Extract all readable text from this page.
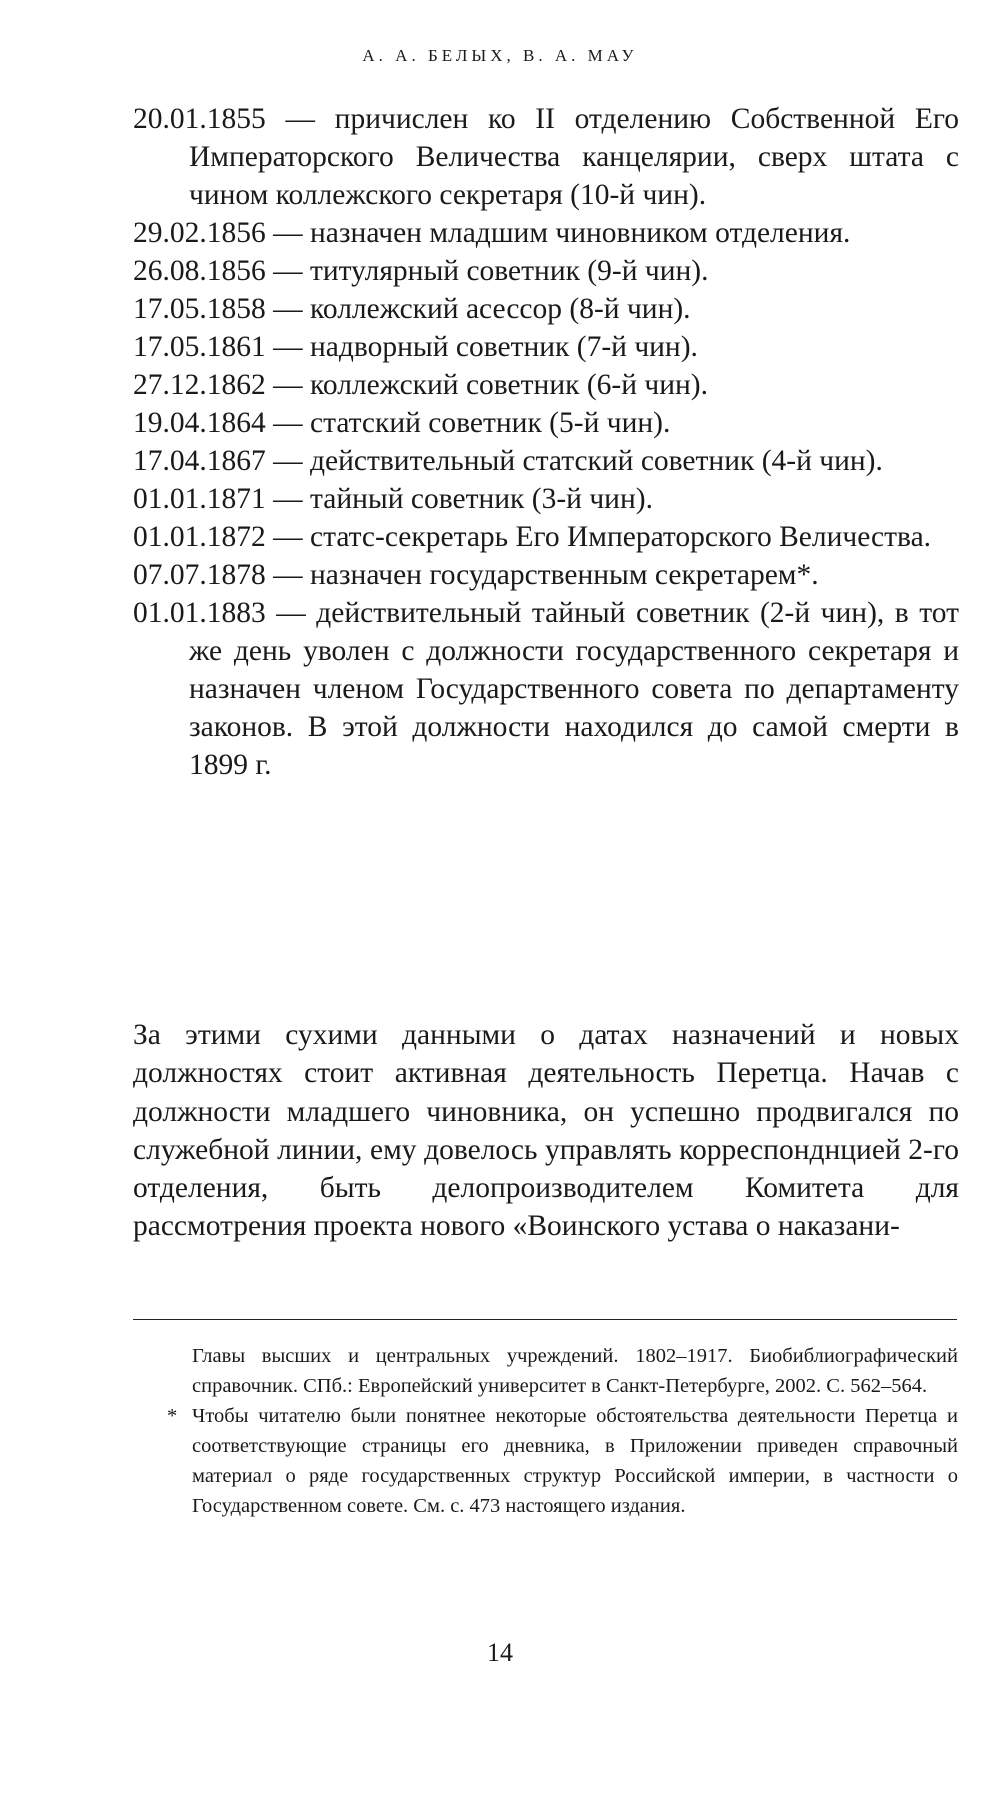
А. А. БЕЛЫХ, В. А. МАУ
20.01.1855 — причислен ко II отделению Собственной Его Императорского Величества канцелярии, сверх штата с чином коллежского секретаря (10-й чин).
29.02.1856 — назначен младшим чиновником отделения.
26.08.1856 — титулярный советник (9-й чин).
17.05.1858 — коллежский асессор (8-й чин).
17.05.1861 — надворный советник (7-й чин).
27.12.1862 — коллежский советник (6-й чин).
19.04.1864 — статский советник (5-й чин).
17.04.1867 — действительный статский советник (4-й чин).
01.01.1871 — тайный советник (3-й чин).
01.01.1872 — статс-секретарь Его Императорского Величества.
07.07.1878 — назначен государственным секретарем*.
01.01.1883 — действительный тайный советник (2-й чин), в тот же день уволен с должности государственного секретаря и назначен членом Государственного совета по департаменту законов. В этой должности находился до самой смерти в 1899 г.

За этими сухими данными о датах назначений и новых должностях стоит активная деятельность Перетца. Начав с должности младшего чиновника, он успешно продвигался по служебной линии, ему довелось управлять корреспонднцией 2-го отделения, быть делопроизводителем Комитета для рассмотрения проекта нового «Воинского устава о наказани-

Главы высших и центральных учреждений. 1802–1917. Биобиблиографический справочник. СПб.: Европейский университет в Санкт-Петербурге, 2002. С. 562–564.
* Чтобы читателю были понятнее некоторые обстоятельства деятельности Перетца и соответствующие страницы его дневника, в Приложении приведен справочный материал о ряде государственных структур Российской империи, в частности о Государственном совете. См. с. 473 настоящего издания.
14
